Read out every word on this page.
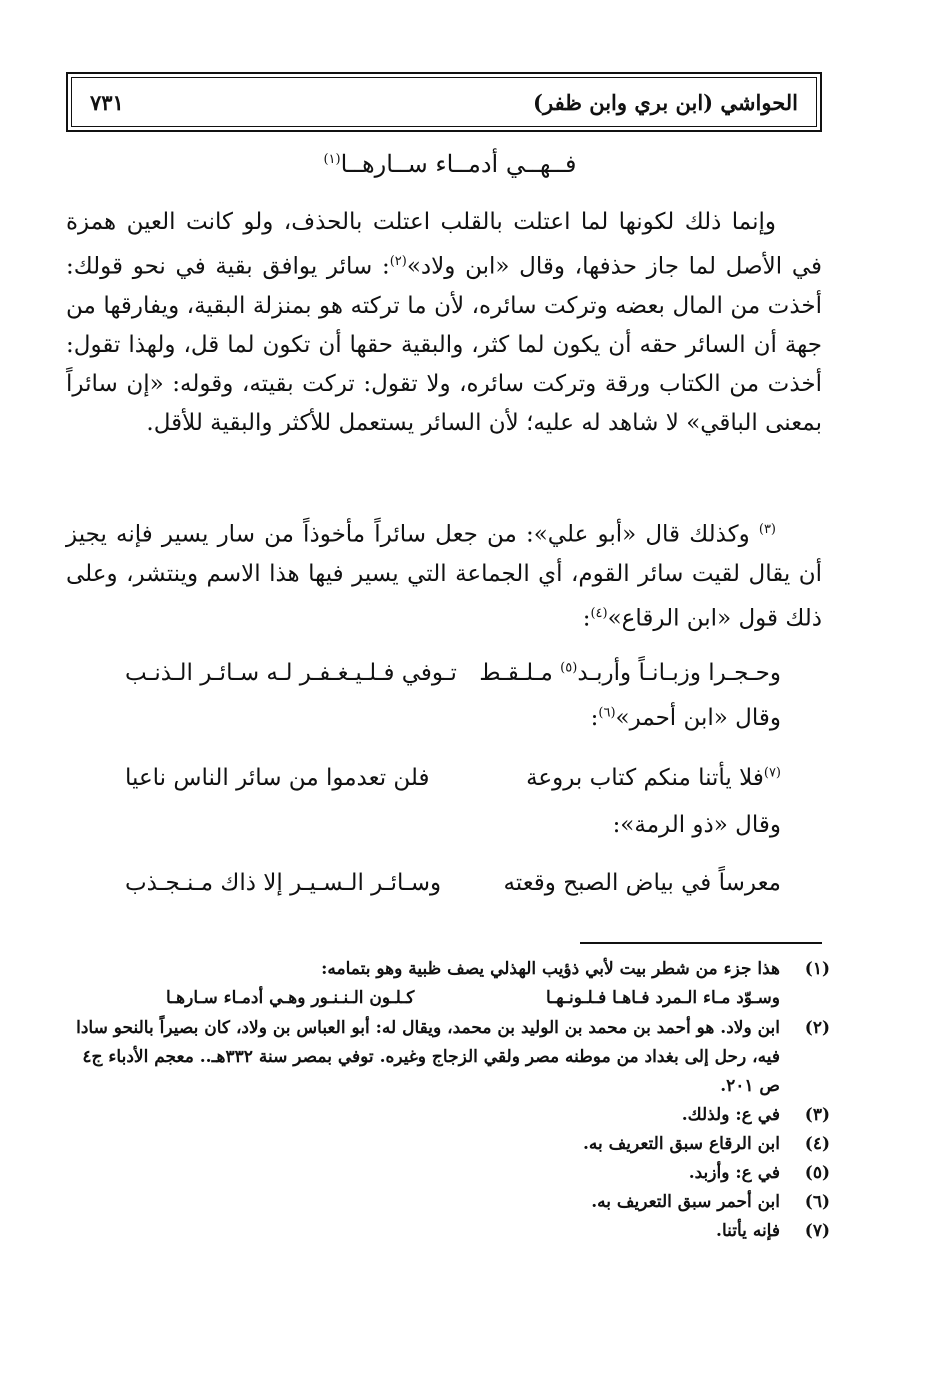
الحواشي (ابن بري وابن ظفر)
٧٣١
فــهــي أدمــاء ســارهــا$^{(١)}$
وإنما ذلك لكونها لما اعتلت بالقلب اعتلت بالحذف، ولو كانت العين همزة في الأصل لما جاز حذفها، وقال «ابن ولاد»$^{(٢)}$: سائر يوافق بقية في نحو قولك: أخذت من المال بعضه وتركت سائره، لأن ما تركته هو بمنزلة البقية، ويفارقها من جهة أن السائر حقه أن يكون لما كثر، والبقية حقها أن تكون لما قل، ولهذا تقول: أخذت من الكتاب ورقة وتركت سائره، ولا تقول: تركت بقيته، وقوله: «إن سائراً بمعنى الباقي» لا شاهد له عليه؛ لأن السائر يستعمل للأكثر والبقية للأقل.
$^{(٣)}$ وكذلك قال «أبو علي»: من جعل سائراً مأخوذاً من سار يسير فإنه يجيز أن يقال لقيت سائر القوم، أي الجماعة التي يسير فيها هذا الاسم وينتشر، وعلى ذلك قول «ابن الرقاع»$^{(٤)}$:
وحـجـرا وزبـانـاً وأربـد$^{(٥)}$ مـلـقـط
تـوفي فـلـيـغـفـر لـه سـائـر الـذنـب
وقال «ابن أحمر»$^{(٦)}$:
$^{(٧)}$فلا يأتنا منكم كتاب بروعة
فلن تعدموا من سائر الناس ناعيا
وقال «ذو الرمة»:
معرساً في بياض الصبح وقعته
وسـائـر الـسـيـر إلا ذاك مـنـجـذب
(١)
هذا جزء من شطر بيت لأبي ذؤيب الهذلي يصف ظبية وهو بتمامه:
وسـوّد مـاء الـمرد فـاهـا فـلـونـهـا
كـلـون الـنـنـور وهـي أدمـاء سـارهـا
(٢)
ابن ولاد. هو أحمد بن محمد بن الوليد بن محمد، ويقال له: أبو العباس بن ولاد، كان بصيراً بالنحو سادا فيه، رحل إلى بغداد من موطنه مصر ولقي الزجاج وغيره. توفي بمصر سنة ٣٣٢هـ.. معجم الأدباء ج٤ ص ٢٠١.
(٣)
في ع: ولذلك.
(٤)
ابن الرقاع سبق التعريف به.
(٥)
في ع: وأزبد.
(٦)
ابن أحمر سبق التعريف به.
(٧)
فإنه يأتنا.
